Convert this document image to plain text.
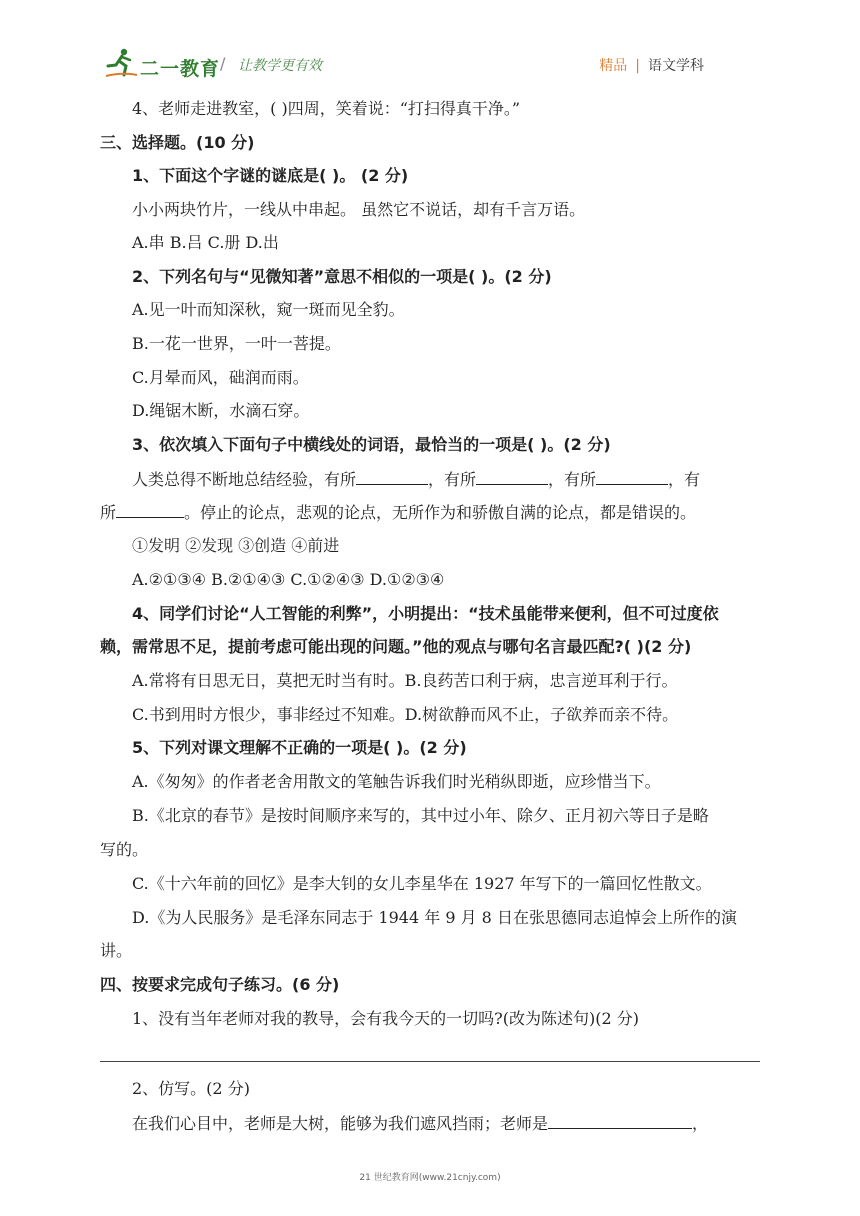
二一教育 / 让教学更有效	精品 | 语文学科
4、老师走进教室，( )四周，笑着说：“打扫得真干净。”
三、选择题。(10 分)
1、下面这个字谜的谜底是( )。 (2 分)
小小两块竹片，一线从中串起。 虽然它不说话，却有千言万语。
A.串 B.吕 C.册 D.出
2、下列名句与“见微知著”意思不相似的一项是( )。(2 分)
A.见一叶而知深秋，窥一斑而见全豹。
B.一花一世界，一叶一菩提。
C.月晕而风，础润而雨。
D.绳锯木断，水滴石穿。
3、依次填入下面句子中横线处的词语，最恰当的一项是( )。(2 分)
人类总得不断地总结经验，有所	，有所	，有所	，有
所	。停止的论点，悲观的论点，无所作为和骄傲自满的论点，都是错误的。
①发明 ②发现 ③创造 ④前进
A.②①③④ B.②①④③ C.①②④③ D.①②③④
4、同学们讨论“人工智能的利弊”，小明提出：“技术虽能带来便利，但不可过度依
赖，需常思不足，提前考虑可能出现的问题。”他的观点与哪句名言最匹配?( )(2 分)
A.常将有日思无日，莫把无时当有时。B.良药苦口利于病，忠言逆耳利于行。
C.书到用时方恨少，事非经过不知难。D.树欲静而风不止，子欲养而亲不待。
5、下列对课文理解不正确的一项是( )。(2 分)
A.《匆匆》的作者老舍用散文的笔触告诉我们时光稍纵即逝，应珍惜当下。
B.《北京的春节》是按时间顺序来写的，其中过小年、除夕、正月初六等日子是略
写的。
C.《十六年前的回忆》是李大钊的女儿李星华在 1927 年写下的一篇回忆性散文。
D.《为人民服务》是毛泽东同志于 1944 年 9 月 8 日在张思德同志追悼会上所作的演
讲。
四、按要求完成句子练习。(6 分)
1、没有当年老师对我的教导，会有我今天的一切吗?(改为陈述句)(2 分)
2、仿写。(2 分)
在我们心目中，老师是大树，能够为我们遮风挡雨；老师是	，
21 世纪教育网(www.21cnjy.com)
